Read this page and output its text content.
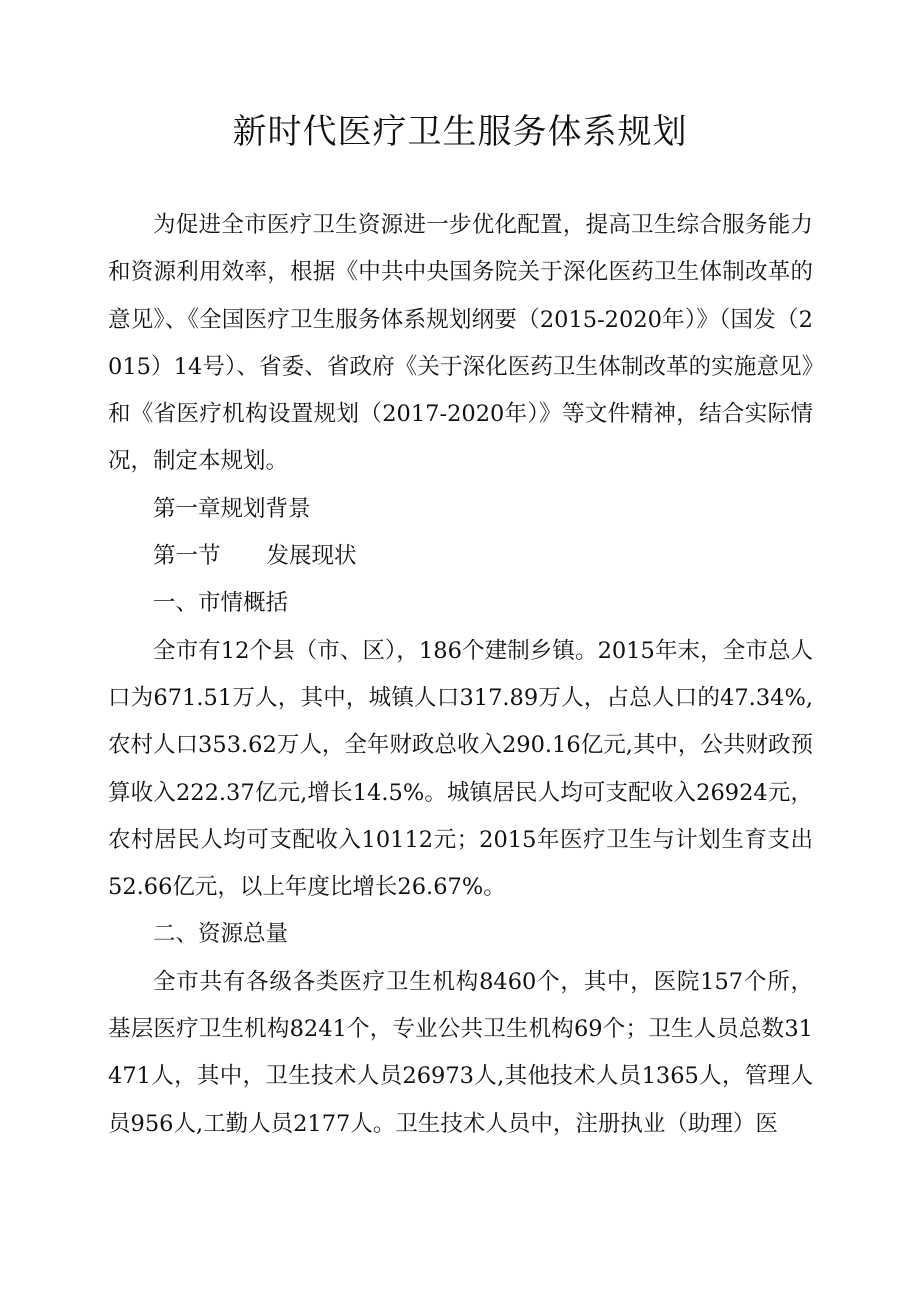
新时代医疗卫生服务体系规划

为促进全市医疗卫生资源进一步优化配置，提高卫生综合服务能力和资源利用效率，根据《中共中央国务院关于深化医药卫生体制改革的意见》、《全国医疗卫生服务体系规划纲要（2015-2020年）》（国发（2015）14号）、省委、省政府《关于深化医药卫生体制改革的实施意见》和《省医疗机构设置规划（2017-2020年）》等文件精神，结合实际情况，制定本规划。

第一章规划背景

第一节 发展现状

一、市情概括

全市有12个县（市、区），186个建制乡镇。2015年末，全市总人口为671.51万人，其中，城镇人口317.89万人，占总人口的47.34%,农村人口353.62万人，全年财政总收入290.16亿元,其中，公共财政预算收入222.37亿元,增长14.5%。城镇居民人均可支配收入26924元，农村居民人均可支配收入10112元；2015年医疗卫生与计划生育支出52.66亿元，以上年度比增长26.67%。

二、资源总量

全市共有各级各类医疗卫生机构8460个，其中，医院157个所，基层医疗卫生机构8241个，专业公共卫生机构69个；卫生人员总数31471人，其中，卫生技术人员26973人,其他技术人员1365人，管理人员956人,工勤人员2177人。卫生技术人员中，注册执业（助理）医
